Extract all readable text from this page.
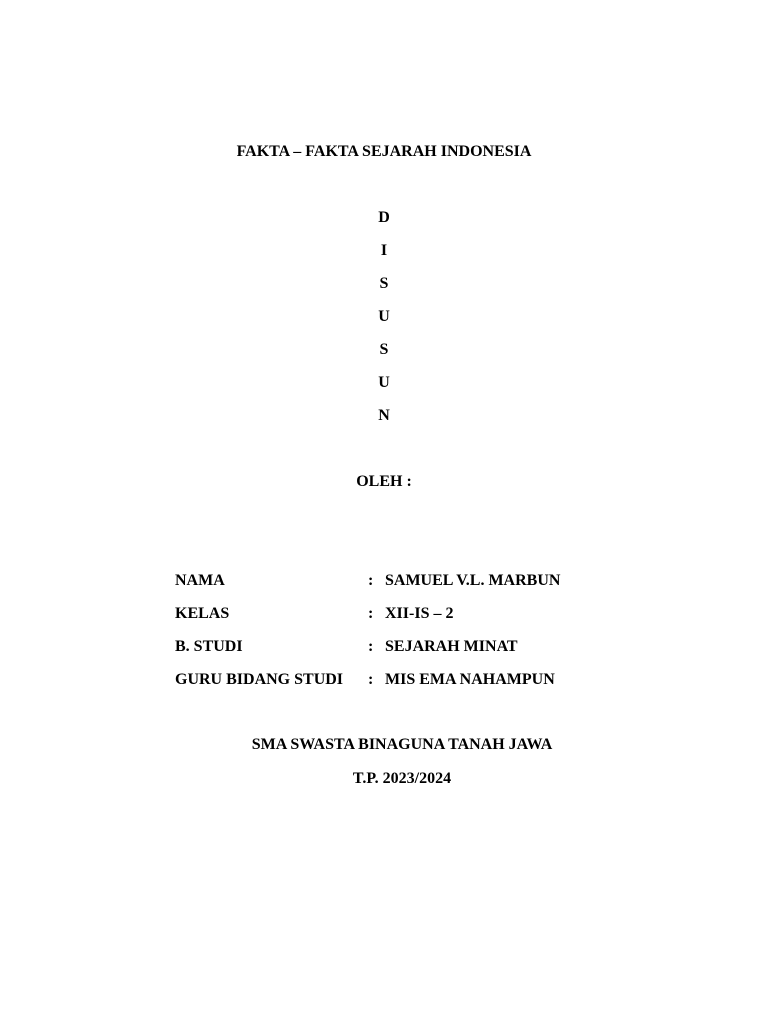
FAKTA – FAKTA SEJARAH INDONESIA
D
I
S
U
S
U
N
OLEH :
NAMA	: SAMUEL V.L. MARBUN
KELAS	: XII-IS – 2
B. STUDI	: SEJARAH MINAT
GURU BIDANG STUDI : MIS EMA NAHAMPUN
SMA SWASTA BINAGUNA TANAH JAWA
T.P. 2023/2024
